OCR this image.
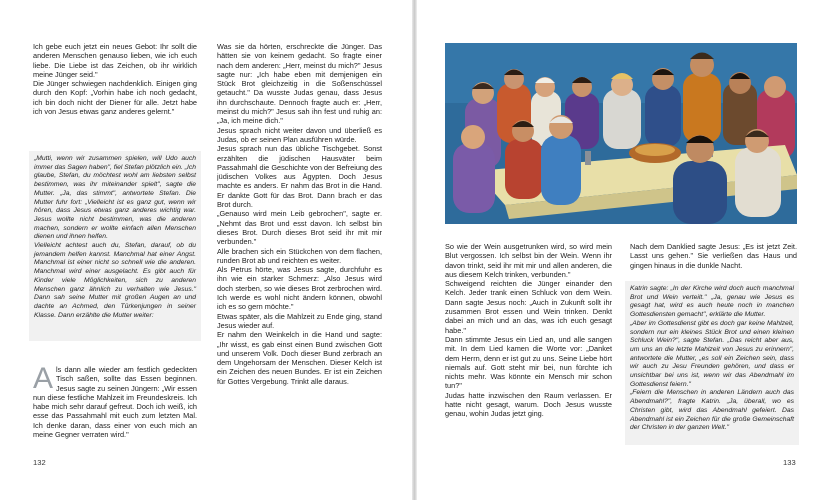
Ich gebe euch jetzt ein neues Gebot: Ihr sollt die anderen Menschen genauso lieben, wie ich euch liebe. Die Liebe ist das Zeichen, ob ihr wirklich meine Jünger seid."

Die Jünger schwiegen nachdenklich. Einigen ging durch den Kopf: „Vorhin habe ich noch gedacht, ich bin doch nicht der Diener für alle. Jetzt habe ich von Jesus etwas ganz anderes gelernt."

„Mutti, wenn wir zusammen spielen, will Udo auch immer das Sagen haben", fiel Stefan plötzlich ein. „Ich glaube, Stefan, du möchtest wohl am liebsten selbst bestimmen, was ihr miteinander spielt", sagte die Mutter. „Ja, das stimmt", antwortete Stefan. Die Mutter fuhr fort: „Vielleicht ist es ganz gut, wenn wir hören, dass Jesus etwas ganz anderes wichtig war. Jesus wollte nicht bestimmen, was die anderen machen, sondern er wollte einfach allen Menschen dienen und ihnen helfen.

Vielleicht achtest auch du, Stefan, darauf, ob du jemandem helfen kannst. Manchmal hat einer Angst. Manchmal ist einer nicht so schnell wie die anderen. Manchmal wird einer ausgelacht. Es gibt auch für Kinder viele Möglichkeiten, sich zu anderen Menschen ganz ähnlich zu verhalten wie Jesus." Dann sah seine Mutter mit großen Augen an und dachte an Achmed, den Türkenjungen in seiner Klasse. Dann erzählte die Mutter weiter:

Als dann alle wieder am festlich gedeckten Tisch saßen, sollte das Essen beginnen. Jesus sagte zu seinen Jüngern: „Wir essen nun diese festliche Mahlzeit im Freundeskreis. Ich habe mich sehr darauf gefreut. Doch ich weiß, ich esse das Passahmahl mit euch zum letzten Mal. Ich denke daran, dass einer von euch mich an meine Gegner verraten wird."

Was sie da hörten, erschreckte die Jünger. Das hätten sie von keinem gedacht. So fragte einer nach dem anderen: „Herr, meinst du mich?" Jesus sagte nur: „Ich habe eben mit demjenigen ein Stück Brot gleichzeitig in die Soßenschüssel getaucht." Da wusste Judas genau, dass Jesus ihn durchschaute. Dennoch fragte auch er: „Herr, meinst du mich?" Jesus sah ihn fest und ruhig an: „Ja, ich meine dich."

Jesus sprach nicht weiter davon und überließ es Judas, ob er seinen Plan ausführen würde.

Jesus sprach nun das übliche Tischgebet. Sonst erzählten die jüdischen Hausväter beim Passahmahl die Geschichte von der Befreiung des jüdischen Volkes aus Ägypten. Doch Jesus machte es anders. Er nahm das Brot in die Hand. Er dankte Gott für das Brot. Dann brach er das Brot durch.

„Genauso wird mein Leib gebrochen", sagte er. „Nehmt das Brot und esst davon. Ich selbst bin dieses Brot. Durch dieses Brot seid ihr mit mir verbunden."

Alle brachen sich ein Stückchen von dem flachen, runden Brot ab und reichten es weiter.

Als Petrus hörte, was Jesus sagte, durchfuhr es ihn wie ein starker Schmerz: „Also Jesus wird doch sterben, so wie dieses Brot zerbrochen wird. Ich werde es wohl nicht ändern können, obwohl ich es so gern möchte."

Etwas später, als die Mahlzeit zu Ende ging, stand Jesus wieder auf.

Er nahm den Weinkelch in die Hand und sagte: „Ihr wisst, es gab einst einen Bund zwischen Gott und unserem Volk. Doch dieser Bund zerbrach an dem Ungehorsam der Menschen. Dieser Kelch ist ein Zeichen des neuen Bundes. Er ist ein Zeichen für Gottes Vergebung. Trinkt alle daraus.

132

So wie der Wein ausgetrunken wird, so wird mein Blut vergossen. Ich selbst bin der Wein. Wenn ihr davon trinkt, seid ihr mit mir und allen anderen, die aus diesem Kelch trinken, verbunden."

Schweigend reichten die Jünger einander den Kelch. Jeder trank einen Schluck von dem Wein. Dann sagte Jesus noch: „Auch in Zukunft sollt ihr zusammen Brot essen und Wein trinken. Denkt dabei an mich und an das, was ich euch gesagt habe."

Dann stimmte Jesus ein Lied an, und alle sangen mit. In dem Lied kamen die Worte vor: „Danket dem Herrn, denn er ist gut zu uns. Seine Liebe hört niemals auf. Gott steht mir bei, nun fürchte ich nichts mehr. Was könnte ein Mensch mir schon tun?"

Judas hatte inzwischen den Raum verlassen. Er hatte nicht gesagt, warum. Doch Jesus wusste genau, wohin Judas jetzt ging.

Nach dem Danklied sagte Jesus: „Es ist jetzt Zeit. Lasst uns gehen." Sie verließen das Haus und gingen hinaus in die dunkle Nacht.

Katrin sagte: „In der Kirche wird doch auch manchmal Brot und Wein verteilt." „Ja, genau wie Jesus es gesagt hat, wird es auch heute noch in manchen Gottesdiensten gemacht", erklärte die Mutter.

„Aber im Gottesdienst gibt es doch gar keine Mahlzeit, sondern nur ein kleines Stück Brot und einen kleinen Schluck Wein?", sagte Stefan. „Das reicht aber aus, um uns an die letzte Mahlzeit von Jesus zu erinnern", antwortete die Mutter, „es soll ein Zeichen sein, dass wir auch zu Jesu Freunden gehören, und dass er unsichtbar bei uns ist, wenn wir das Abendmahl im Gottesdienst feiern."

„Feiern die Menschen in anderen Ländern auch das Abendmahl?", fragte Katrin. „Ja, überall, wo es Christen gibt, wird das Abendmahl gefeiert. Das Abendmahl ist ein Zeichen für die große Gemeinschaft der Christen in der ganzen Welt."

133
